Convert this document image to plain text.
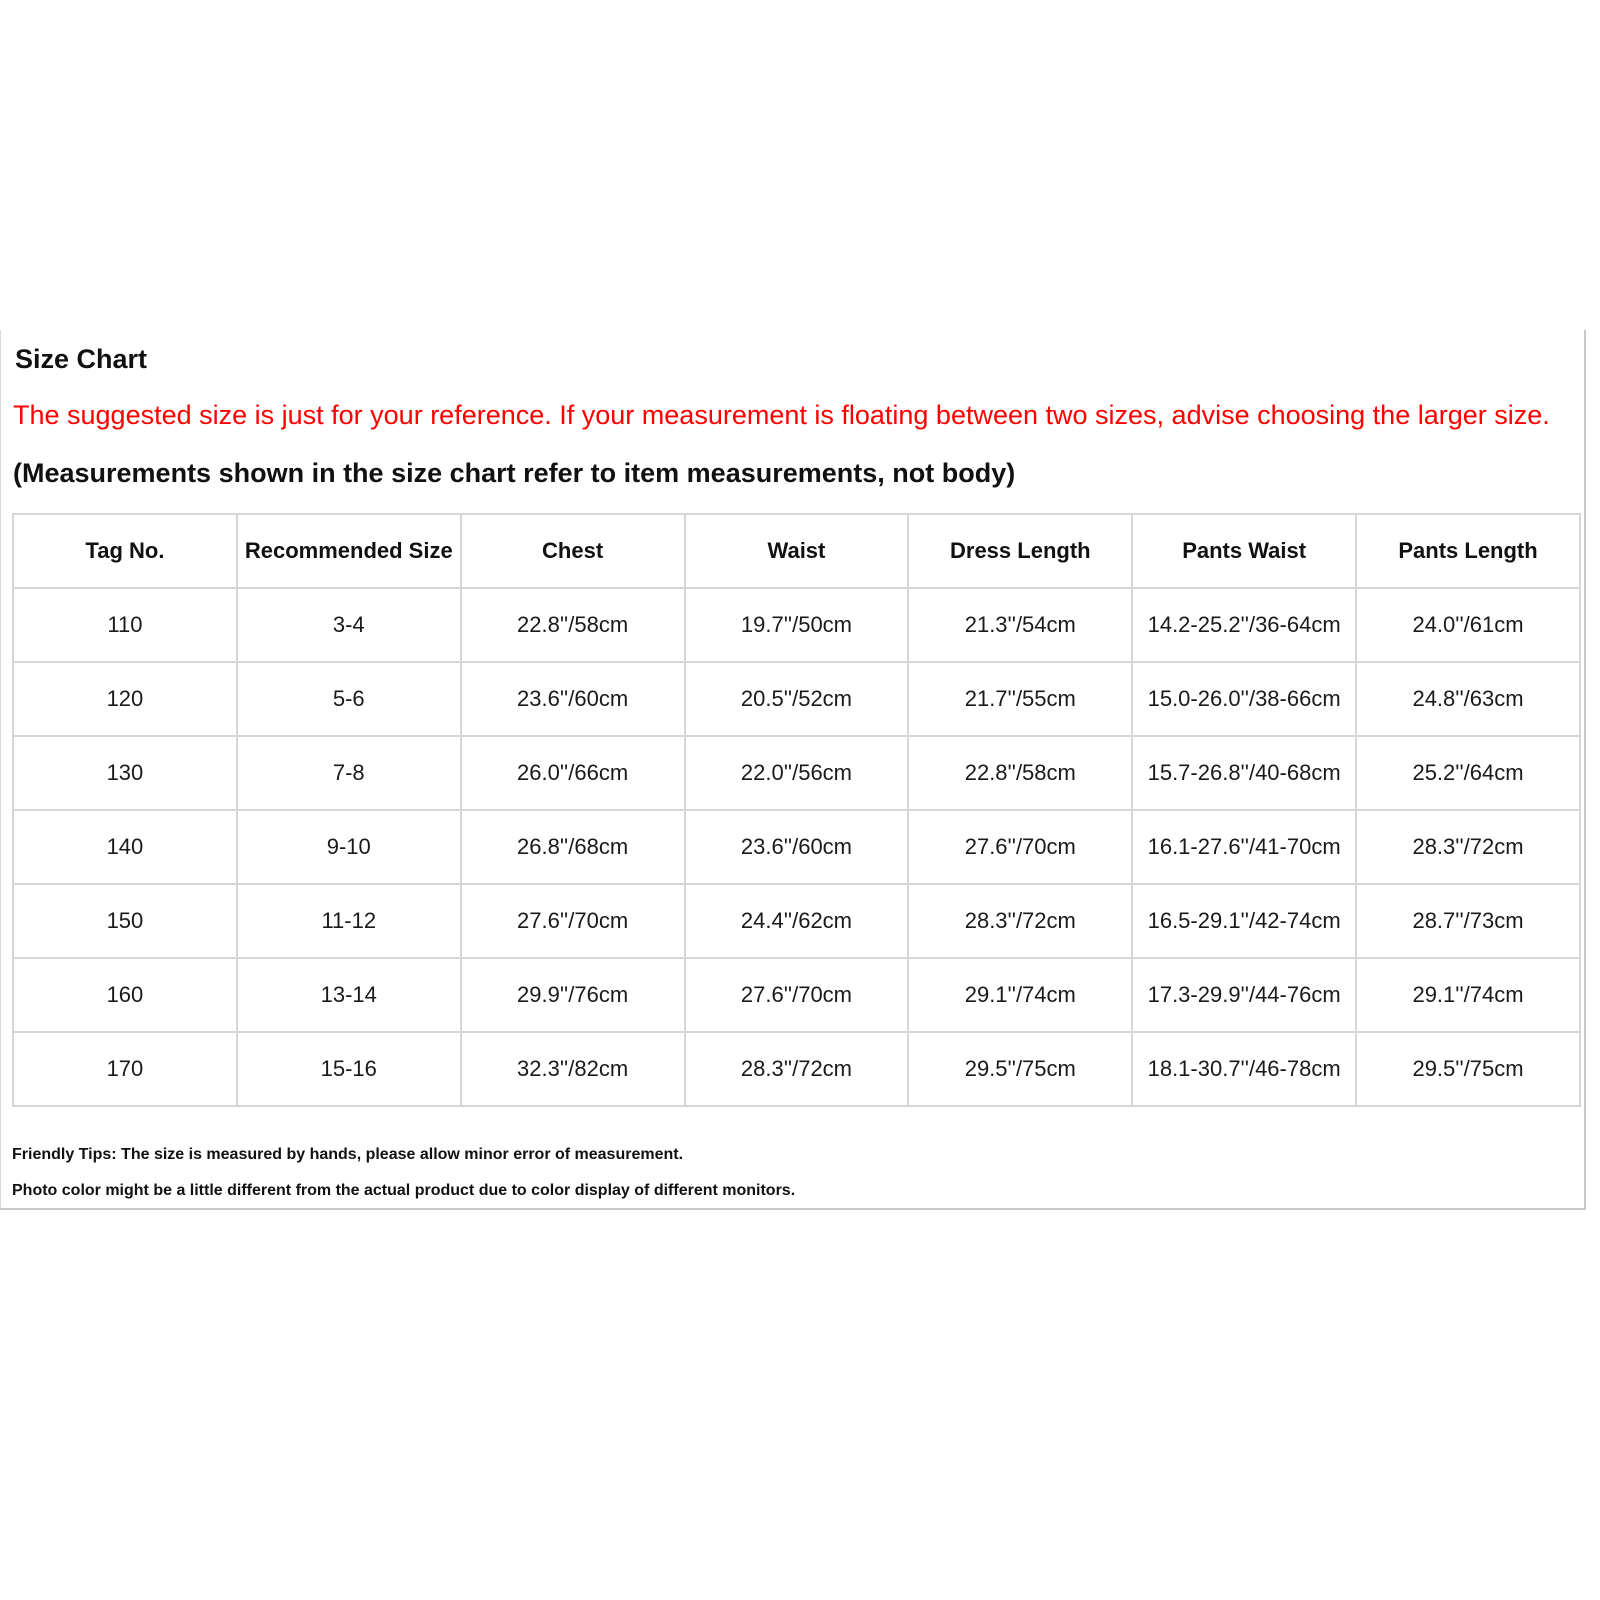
Size Chart
The suggested size is just for your reference. If your measurement is floating between two sizes, advise choosing the larger size.
(Measurements shown in the size chart refer to item measurements, not body)
Tag No.	Recommended Size	Chest	Waist	Dress Length	Pants Waist	Pants Length
110	3-4	22.8''/58cm	19.7''/50cm	21.3''/54cm	14.2-25.2''/36-64cm	24.0''/61cm
120	5-6	23.6''/60cm	20.5''/52cm	21.7''/55cm	15.0-26.0''/38-66cm	24.8''/63cm
130	7-8	26.0''/66cm	22.0''/56cm	22.8''/58cm	15.7-26.8''/40-68cm	25.2''/64cm
140	9-10	26.8''/68cm	23.6''/60cm	27.6''/70cm	16.1-27.6''/41-70cm	28.3''/72cm
150	11-12	27.6''/70cm	24.4''/62cm	28.3''/72cm	16.5-29.1''/42-74cm	28.7''/73cm
160	13-14	29.9''/76cm	27.6''/70cm	29.1''/74cm	17.3-29.9''/44-76cm	29.1''/74cm
170	15-16	32.3''/82cm	28.3''/72cm	29.5''/75cm	18.1-30.7''/46-78cm	29.5''/75cm
Friendly Tips: The size is measured by hands, please allow minor error of measurement.
Photo color might be a little different from the actual product due to color display of different monitors.
